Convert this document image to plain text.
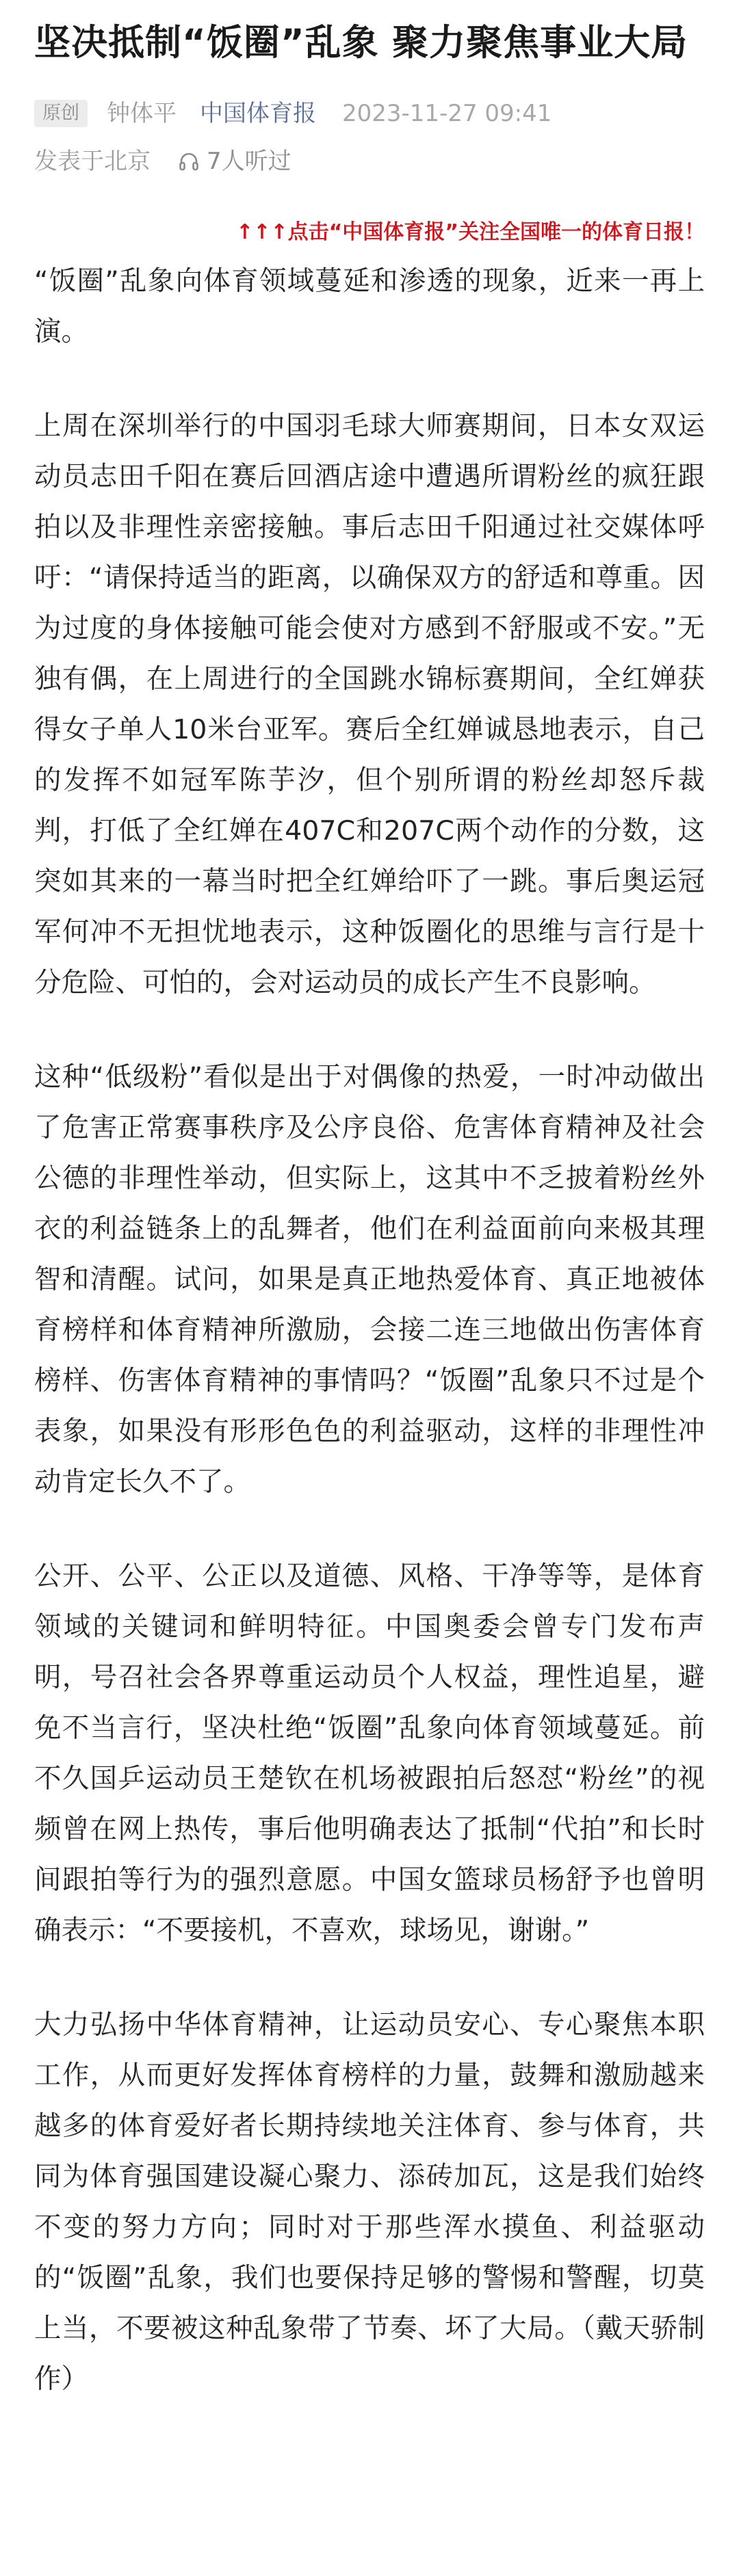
坚决抵制“饭圈”乱象 聚力聚焦事业大局
原创	钟体平 中国体育报 2023-11-27 09:41
发表于北京 7人听过
↑↑↑点击“中国体育报”关注全国唯一的体育日报！

“饭圈”乱象向体育领域蔓延和渗透的现象，近来一再上演。

上周在深圳举行的中国羽毛球大师赛期间，日本女双运动员志田千阳在赛后回酒店途中遭遇所谓粉丝的疯狂跟拍以及非理性亲密接触。事后志田千阳通过社交媒体呼吁：“请保持适当的距离，以确保双方的舒适和尊重。因为过度的身体接触可能会使对方感到不舒服或不安。”无独有偶，在上周进行的全国跳水锦标赛期间，全红婵获得女子单人10米台亚军。赛后全红婵诚恳地表示，自己的发挥不如冠军陈芋汐，但个别所谓的粉丝却怒斥裁判，打低了全红婵在407C和207C两个动作的分数，这突如其来的一幕当时把全红婵给吓了一跳。事后奥运冠军何冲不无担忧地表示，这种饭圈化的思维与言行是十分危险、可怕的，会对运动员的成长产生不良影响。

这种“低级粉”看似是出于对偶像的热爱，一时冲动做出了危害正常赛事秩序及公序良俗、危害体育精神及社会公德的非理性举动，但实际上，这其中不乏披着粉丝外衣的利益链条上的乱舞者，他们在利益面前向来极其理智和清醒。试问，如果是真正地热爱体育、真正地被体育榜样和体育精神所激励，会接二连三地做出伤害体育榜样、伤害体育精神的事情吗？“饭圈”乱象只不过是个表象，如果没有形形色色的利益驱动，这样的非理性冲动肯定长久不了。

公开、公平、公正以及道德、风格、干净等等，是体育领域的关键词和鲜明特征。中国奥委会曾专门发布声明，号召社会各界尊重运动员个人权益，理性追星，避免不当言行，坚决杜绝“饭圈”乱象向体育领域蔓延。前不久国乒运动员王楚钦在机场被跟拍后怒怼“粉丝”的视频曾在网上热传，事后他明确表达了抵制“代拍”和长时间跟拍等行为的强烈意愿。中国女篮球员杨舒予也曾明确表示：“不要接机，不喜欢，球场见，谢谢。”

大力弘扬中华体育精神，让运动员安心、专心聚焦本职工作，从而更好发挥体育榜样的力量，鼓舞和激励越来越多的体育爱好者长期持续地关注体育、参与体育，共同为体育强国建设凝心聚力、添砖加瓦，这是我们始终不变的努力方向；同时对于那些浑水摸鱼、利益驱动的“饭圈”乱象，我们也要保持足够的警惕和警醒，切莫上当，不要被这种乱象带了节奏、坏了大局。（戴天骄制作）
